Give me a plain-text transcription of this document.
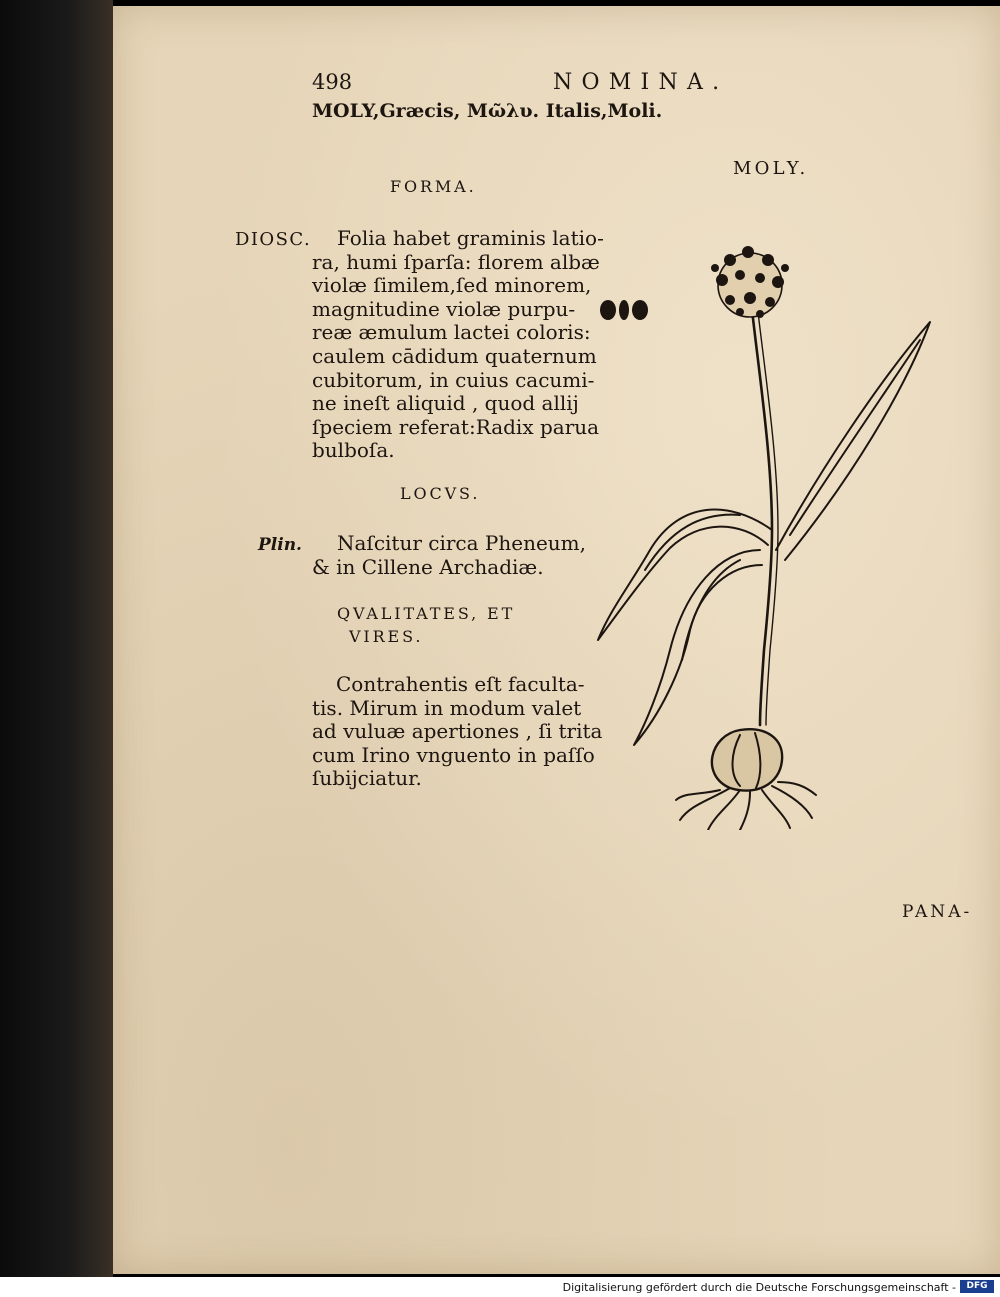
498	NOMINA.
MOLY,Græcis, Μῶλυ. Italis,Moli.
MOLY.
FORMA.
DIOSC. Folia habet graminis latio-
ra, humi ſparſa: florem albæ
violæ ſimilem,ſed minorem,
magnitudine violæ purpu-
reæ æmulum lactei coloris:
caulem cādidum quaternum
cubitorum, in cuius cacumi-
ne ineſt aliquid , quod allij
ſpeciem referat:Radix parua
bulboſa.
LOCVS.
Plin. Naſcitur circa Pheneum,
& in Cillene Archadiæ.
QVALITATES, ET
VIRES.
Contrahentis eſt faculta-
tis. Mirum in modum valet
ad vuluæ apertiones , ſi trita
cum Irino vnguento in paſſo
ſubijciatur.
PANA-
Digitalisierung gefördert durch die Deutsche Forschungsgemeinschaft -	DFG
